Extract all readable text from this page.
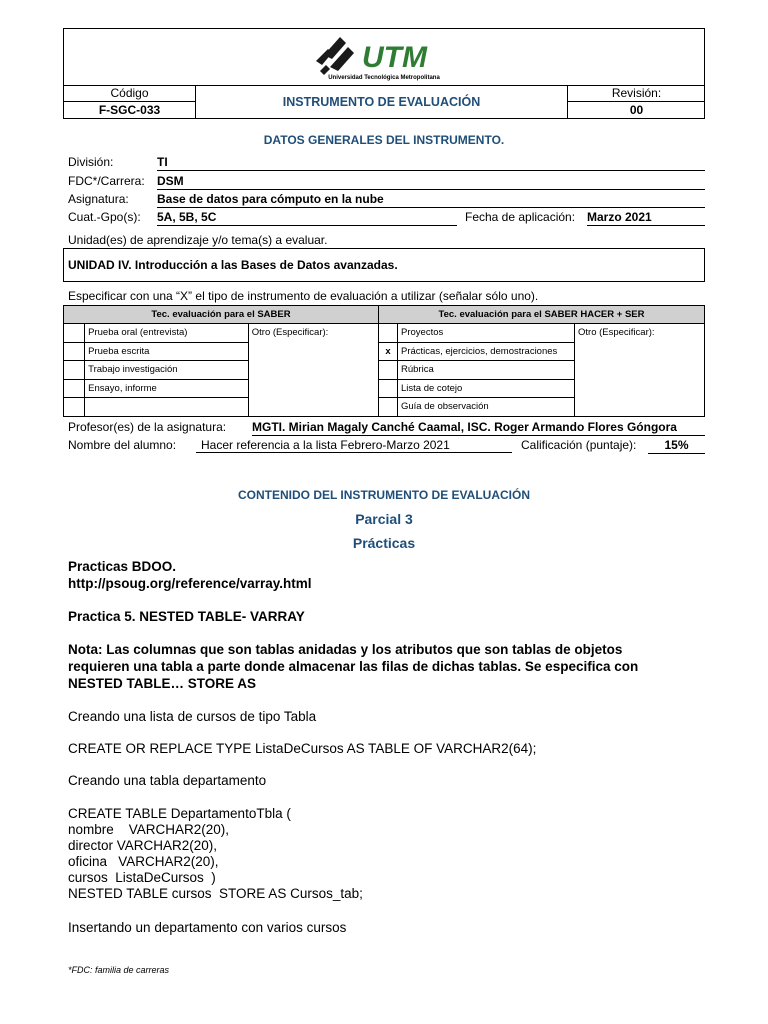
UTM
Universidad Tecnológica Metropolitana
Código
F-SGC-033
INSTRUMENTO DE EVALUACIÓN
Revisión:
00
DATOS GENERALES DEL INSTRUMENTO.
División:	TI
FDC*/Carrera: DSM
Asignatura: Base de datos para cómputo en la nube
Cuat.-Gpo(s): 5A, 5B, 5C	Fecha de aplicación: Marzo 2021
Unidad(es) de aprendizaje y/o tema(s) a evaluar.
UNIDAD IV. Introducción a las Bases de Datos avanzadas.
Especificar con una “X” el tipo de instrumento de evaluación a utilizar (señalar sólo uno).
Tec. evaluación para el SABER			Tec. evaluación para el SABER HACER + SER		
	Prueba oral (entrevista)	Otro (Especificar):		Proyectos	Otro (Especificar):
	Prueba escrita		x	Prácticas, ejercicios, demostraciones	
	Trabajo investigación			Rúbrica	
	Ensayo, informe			Lista de cotejo	
				Guía de observación	
Profesor(es) de la asignatura: MGTI. Mirian Magaly Canché Caamal, ISC. Roger Armando Flores Góngora
Nombre del alumno:	Hacer referencia a la lista Febrero-Marzo 2021	Calificación (puntaje):	15%
CONTENIDO DEL INSTRUMENTO DE EVALUACIÓN
Parcial 3
Prácticas
Practicas BDOO.
http://psoug.org/reference/varray.html
Practica 5. NESTED TABLE- VARRAY
Nota: Las columnas que son tablas anidadas y los atributos que son tablas de objetos
requieren una tabla a parte donde almacenar las filas de dichas tablas. Se especifica con
NESTED TABLE… STORE AS
Creando una lista de cursos de tipo Tabla
CREATE OR REPLACE TYPE ListaDeCursos AS TABLE OF VARCHAR2(64);
Creando una tabla departamento
CREATE TABLE DepartamentoTbla (
nombre    VARCHAR2(20),
director VARCHAR2(20),
oficina   VARCHAR2(20),
cursos  ListaDeCursos  )
NESTED TABLE cursos  STORE AS Cursos_tab;
Insertando un departamento con varios cursos
*FDC: familia de carreras
